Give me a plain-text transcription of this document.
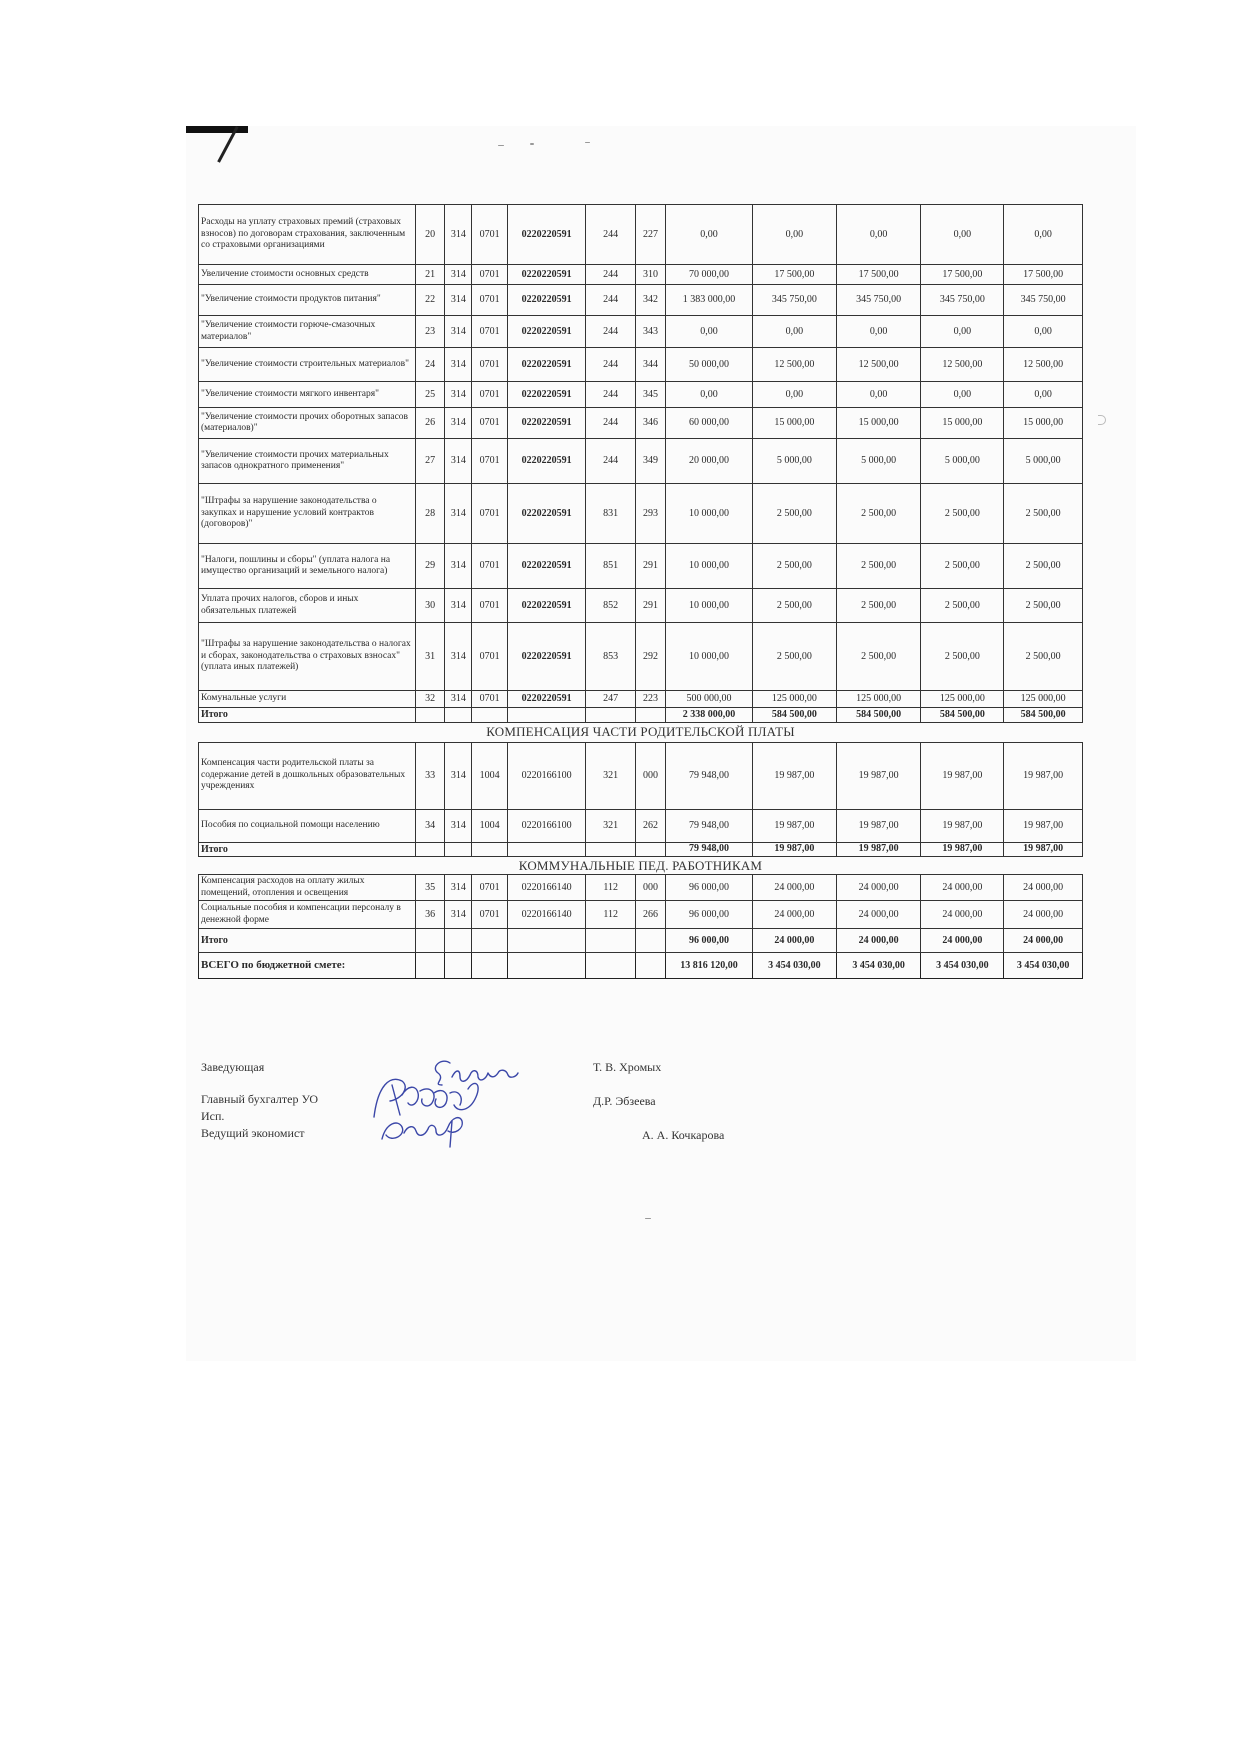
Расходы на уплату страховых премий (страховых взносов) по договорам страхования, заключенным со страховыми организациями	20	314	0701	0220220591	244	227	0,00	0,00	0,00	0,00	0,00
Увеличение стоимости основных средств	21	314	0701	0220220591	244	310	70 000,00	17 500,00	17 500,00	17 500,00	17 500,00
"Увеличение стоимости продуктов питания"	22	314	0701	0220220591	244	342	1 383 000,00	345 750,00	345 750,00	345 750,00	345 750,00
"Увеличение стоимости горюче-смазочных материалов"	23	314	0701	0220220591	244	343	0,00	0,00	0,00	0,00	0,00
"Увеличение стоимости строительных материалов"	24	314	0701	0220220591	244	344	50 000,00	12 500,00	12 500,00	12 500,00	12 500,00
"Увеличение стоимости мягкого инвентаря"	25	314	0701	0220220591	244	345	0,00	0,00	0,00	0,00	0,00
"Увеличение стоимости прочих оборотных запасов (материалов)"	26	314	0701	0220220591	244	346	60 000,00	15 000,00	15 000,00	15 000,00	15 000,00
"Увеличение стоимости прочих материальных запасов однократного применения"	27	314	0701	0220220591	244	349	20 000,00	5 000,00	5 000,00	5 000,00	5 000,00
"Штрафы за нарушение законодательства о закупках и нарушение условий контрактов (договоров)"	28	314	0701	0220220591	831	293	10 000,00	2 500,00	2 500,00	2 500,00	2 500,00
"Налоги, пошлины и сборы" (уплата налога на имущество организаций и земельного налога)	29	314	0701	0220220591	851	291	10 000,00	2 500,00	2 500,00	2 500,00	2 500,00
Уплата прочих налогов, сборов и иных обязательных платежей	30	314	0701	0220220591	852	291	10 000,00	2 500,00	2 500,00	2 500,00	2 500,00
"Штрафы за нарушение законодательства о налогах и сборах, законодательства о страховых взносах" (уплата иных платежей)	31	314	0701	0220220591	853	292	10 000,00	2 500,00	2 500,00	2 500,00	2 500,00
Комунальные услуги	32	314	0701	0220220591	247	223	500 000,00	125 000,00	125 000,00	125 000,00	125 000,00
Итого							2 338 000,00	584 500,00	584 500,00	584 500,00	584 500,00
КОМПЕНСАЦИЯ ЧАСТИ РОДИТЕЛЬСКОЙ ПЛАТЫ											
Компенсация части родительской платы за содержание детей в дошкольных образовательных учреждениях	33	314	1004	0220166100	321	000	79 948,00	19 987,00	19 987,00	19 987,00	19 987,00
Пособия по социальной помощи населению	34	314	1004	0220166100	321	262	79 948,00	19 987,00	19 987,00	19 987,00	19 987,00
Итого							79 948,00	19 987,00	19 987,00	19 987,00	19 987,00
КОММУНАЛЬНЫЕ ПЕД. РАБОТНИКАМ											
Компенсация расходов на оплату жилых помещений, отопления и освещения	35	314	0701	0220166140	112	000	96 000,00	24 000,00	24 000,00	24 000,00	24 000,00
Социальные пособия и компенсации персоналу в денежной форме	36	314	0701	0220166140	112	266	96 000,00	24 000,00	24 000,00	24 000,00	24 000,00
Итого							96 000,00	24 000,00	24 000,00	24 000,00	24 000,00
ВСЕГО по бюджетной смете:							13 816 120,00	3 454 030,00	3 454 030,00	3 454 030,00	3 454 030,00
Заведующая	Т. В. Хромых
Главный бухгалтер УО	Д.Р. Эбзеева
Исп.
Ведущий экономист	А. А. Кочкарова
